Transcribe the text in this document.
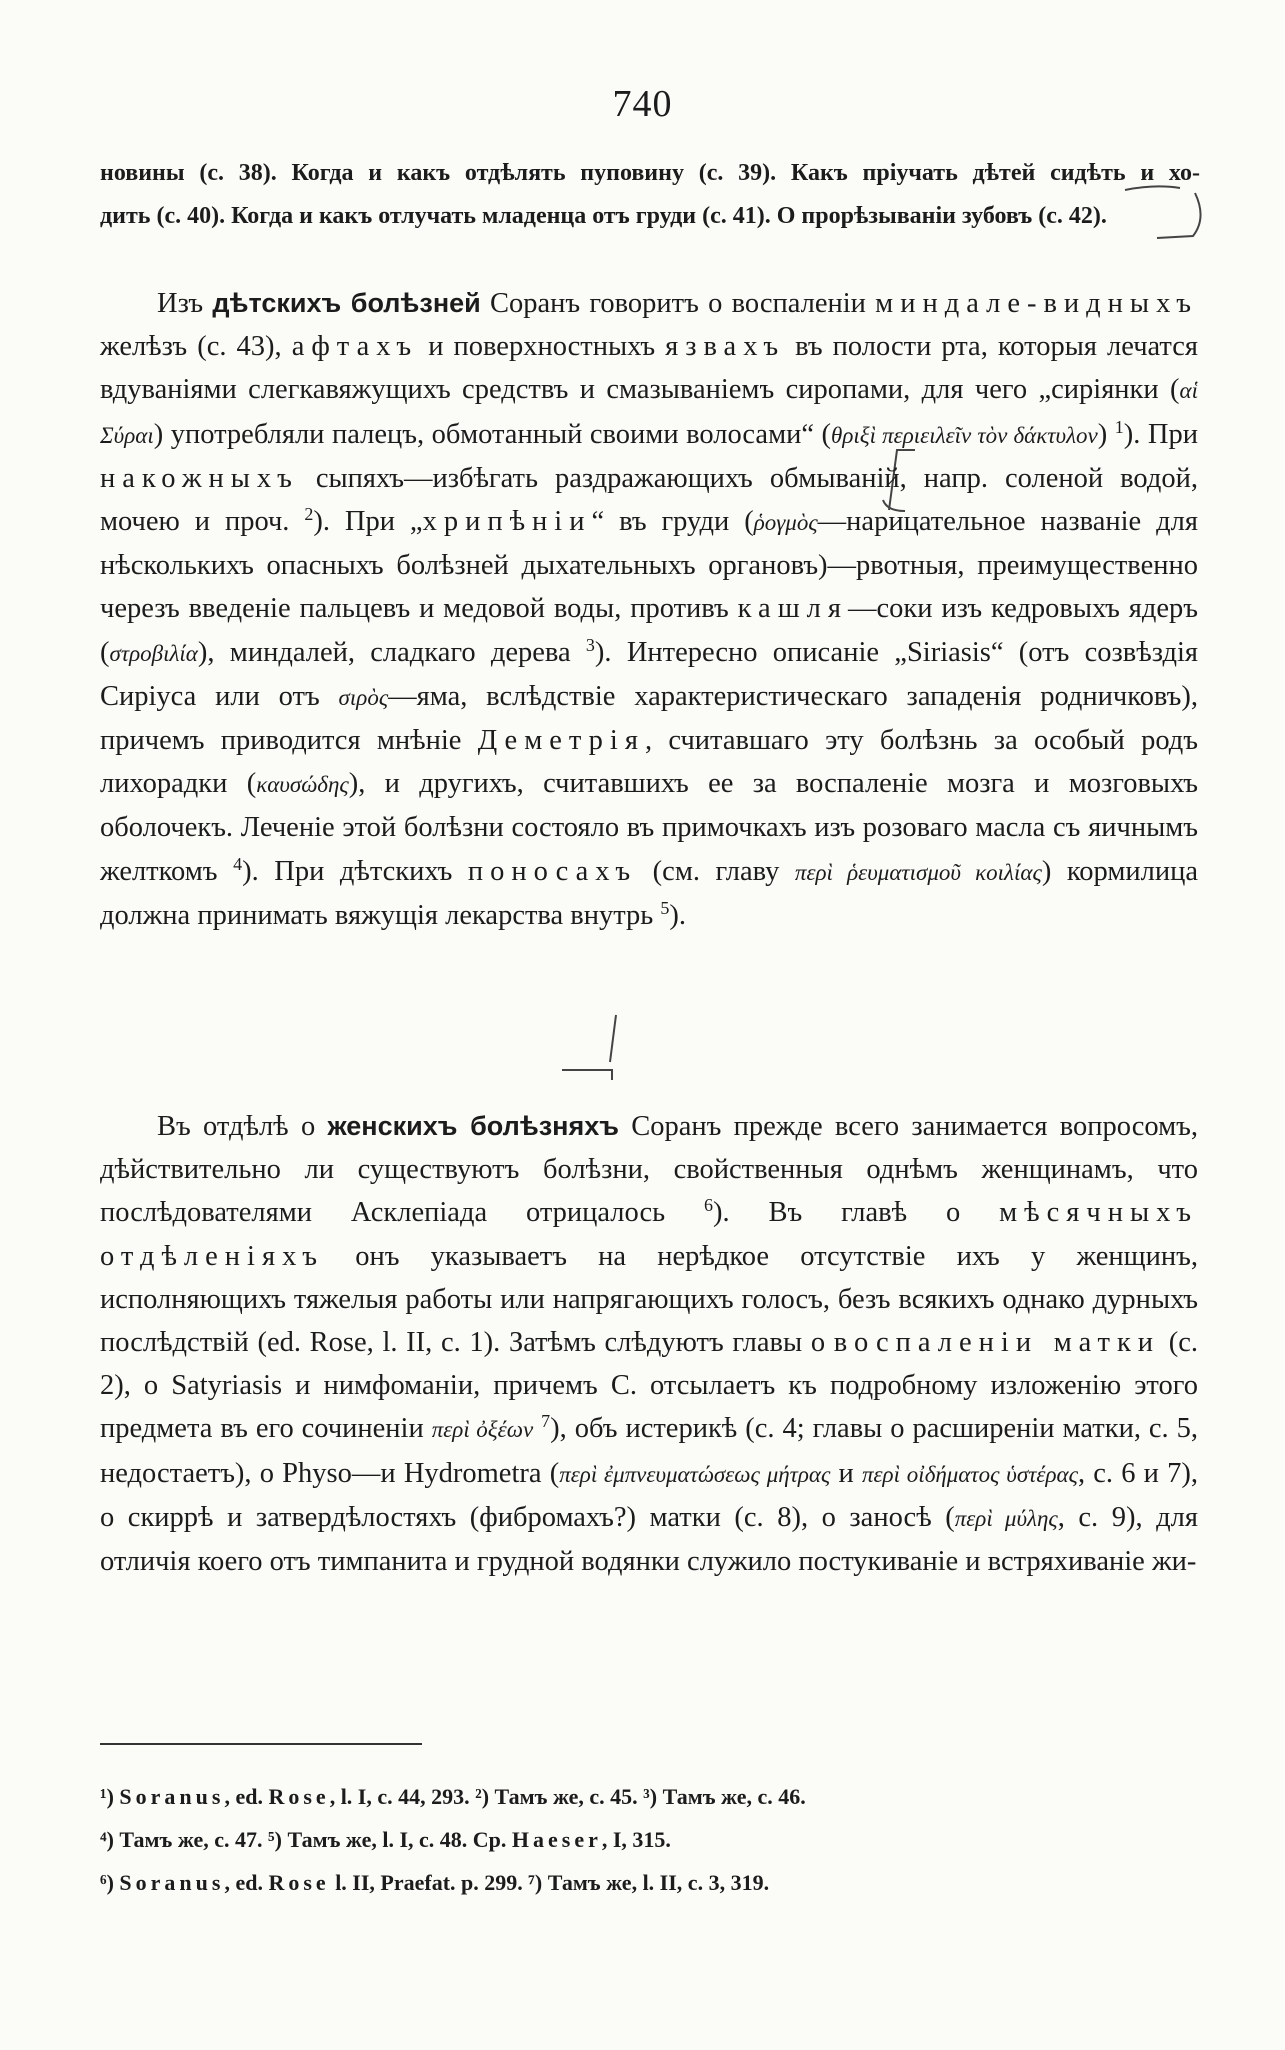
740
новины (с. 38). Когда и какъ отдѣлять пуповину (с. 39). Какъ пріучать дѣтей сидѣть и хо-
дить (с. 40). Когда и какъ отлучать младенца отъ груди (с. 41). О прорѣзываніи зубовъ (с. 42).
  Изъ дѣтскихъ болѣзней Соранъ говоритъ о воспаленіи миндале-видныхъ желѣзъ (с. 43), афтахъ и поверхностныхъ язвахъ въ полости рта, которыя лечатся вдуваніями слегкавяжущихъ средствъ и смазываніемъ сиропами, для чего „сиріянки (αἱ Σύραι) употребляли палецъ, обмотанный своими волосами“ (θριξὶ περιειλεῖν τὸν δάκτυλον) $^1$). При накожныхъ сыпяхъ—избѣгать раздражающихъ обмываній, напр. соленой водой, мочею и проч. $^2$). При „хрипѣніи“ въ груди (ῥογμὸς—нарицательное названіе для нѣсколькихъ опасныхъ болѣзней дыхательныхъ органовъ)—рвотныя, преимущественно черезъ введеніе пальцевъ и медовой воды, противъ кашля—соки изъ кедровыхъ ядеръ (στροβιλία), миндалей, сладкаго дерева $^3$). Интересно описаніе „Siriasis“ (отъ созвѣздія Сиріуса или отъ σιρὸς—яма, вслѣдствіе характеристическаго западенія родничковъ), причемъ приводится мнѣніе Деметрія, считавшаго эту болѣзнь за особый родъ лихорадки (καυσώδης), и другихъ, считавшихъ ее за воспаленіе мозга и мозговыхъ оболочекъ. Леченіе этой болѣзни состояло въ примочкахъ изъ розоваго масла съ яичнымъ желткомъ $^4$). При дѣтскихъ поносахъ (см. главу περὶ ῥευματισμοῦ κοιλίας) кормилица должна принимать вяжущія лекарства внутрь $^5$).
  Въ отдѣлѣ о женскихъ болѣзняхъ Соранъ прежде всего занимается вопросомъ, дѣйствительно ли существуютъ болѣзни, свойственныя однѣмъ женщинамъ, что послѣдователями Асклепіада отрицалось $^6$). Въ главѣ о мѣсячныхъ отдѣленіяхъ онъ указываетъ на нерѣдкое отсутствіе ихъ у женщинъ, исполняющихъ тяжелыя работы или напрягающихъ голосъ, безъ всякихъ однако дурныхъ послѣдствій (ed. Rose, l. II, c. 1). Затѣмъ слѣдуютъ главы о воспаленіи матки (с. 2), о Satyriasis и нимфоманіи, причемъ С. отсылаетъ къ подробному изложенію этого предмета въ его сочиненіи περὶ ὀξέων $^7$), объ истерикѣ (с. 4; главы о расширеніи матки, с. 5, недостаетъ), о Physo—и Hydrometra (περὶ ἐμπνευματώσεως μήτρας и περὶ οἰδήματος ὑστέρας, с. 6 и 7), о скиррѣ и затвердѣлостяхъ (фибромахъ?) матки (с. 8), о заносѣ (περὶ μύλης, с. 9), для отличія коего отъ тимпанита и грудной водянки служило постукиваніе и встряхиваніе жи-
¹) Soranus, ed. Rose, l. I, c. 44, 293. ²) Тамъ же, с. 45. ³) Тамъ же, с. 46.
⁴) Тамъ же, с. 47. ⁵) Тамъ же, l. I, c. 48. Ср. Haeser, I, 315.
⁶) Soranus, ed. Rose l. II, Praefat. p. 299. ⁷) Тамъ же, l. II, c. 3, 319.
